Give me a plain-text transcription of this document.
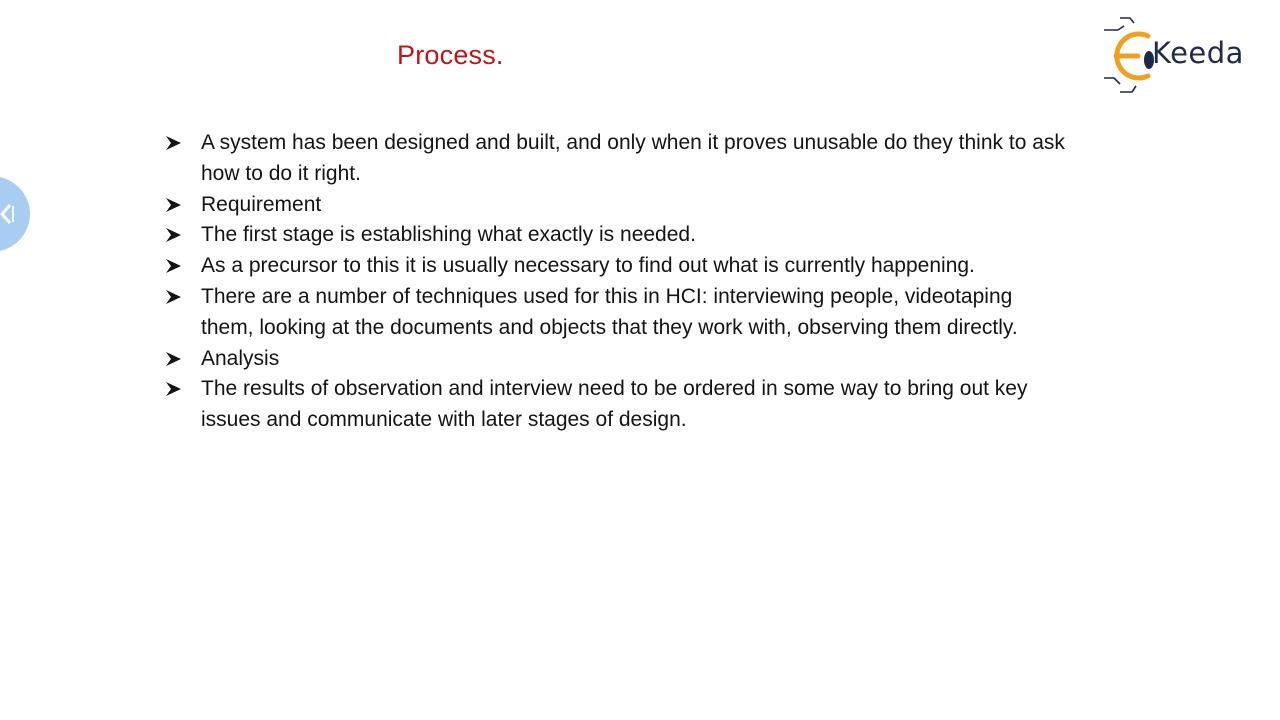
Process.	Keeda
A system has been designed and built, and only when it proves unusable do they think to ask how to do it right.
Requirement
The first stage is establishing what exactly is needed.
As a precursor to this it is usually necessary to find out what is currently happening.
There are a number of techniques used for this in HCI: interviewing people, videotaping them, looking at the documents and objects that they work with, observing them directly.
Analysis
The results of observation and interview need to be ordered in some way to bring out key issues and communicate with later stages of design.
